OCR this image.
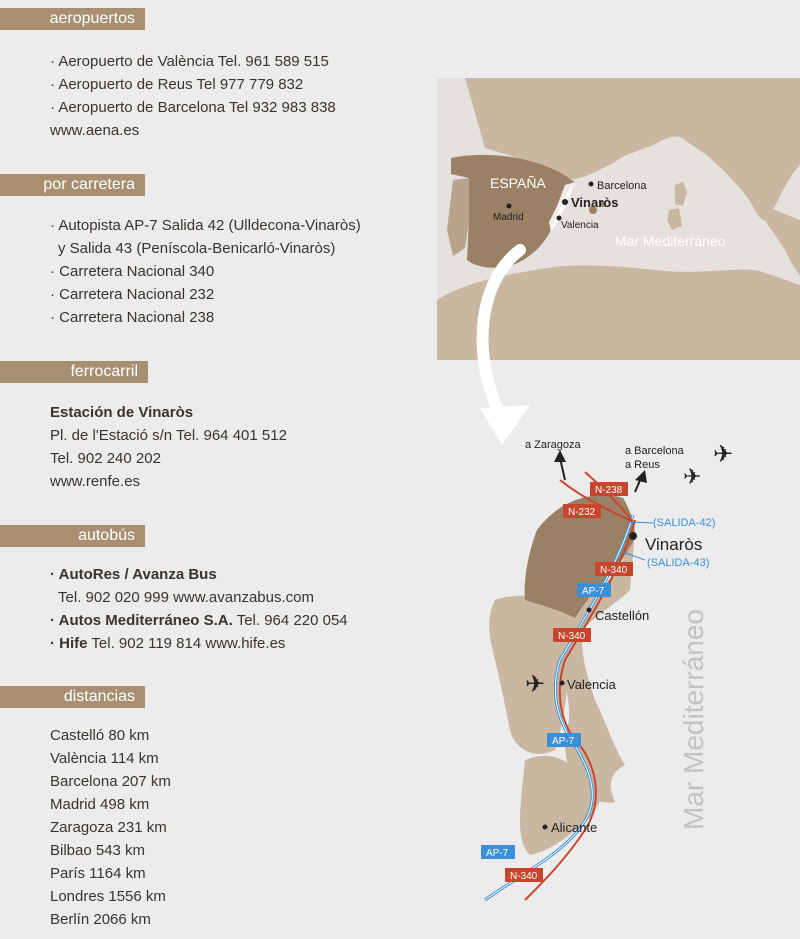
aeropuertos
· Aeropuerto de València Tel. 961 589 515
· Aeropuerto de Reus Tel 977 779 832
· Aeropuerto de Barcelona Tel 932 983 838
www.aena.es
por carretera
· Autopista AP-7 Salida 42 (Ulldecona-Vinaròs)
y Salida 43 (Peníscola-Benicarló-Vinaròs)
· Carretera Nacional 340
· Carretera Nacional 232
· Carretera Nacional 238
ferrocarril
Estación de Vinaròs
Pl. de l'Estació s/n Tel. 964 401 512
Tel. 902 240 202
www.renfe.es
autobús
· AutoRes / Avanza Bus
Tel. 902 020 999 www.avanzabus.com
· Autos Mediterráneo S.A. Tel. 964 220 054
· Hife Tel. 902 119 814 www.hife.es
distancias
Castelló 80 km
València 114 km
Barcelona 207 km
Madrid 498 km
Zaragoza 231 km
Bilbao 543 km
París 1164 km
Londres 1556 km
Berlín 2066 km
ESPAÑA	Barcelona
Vinaròs
Madrid
Valencia
Mar Mediterráneo
a Zaragoza	a Barcelona
a Reus ✈
✈
✈
N-238
N-232
N-340
N-340
N-340
AP-7
AP-7
AP-7
(SALIDA-42)
(SALIDA-43)
Vinaròs
Castellón
Valencia
Alicante	Mar Mediterráneo
